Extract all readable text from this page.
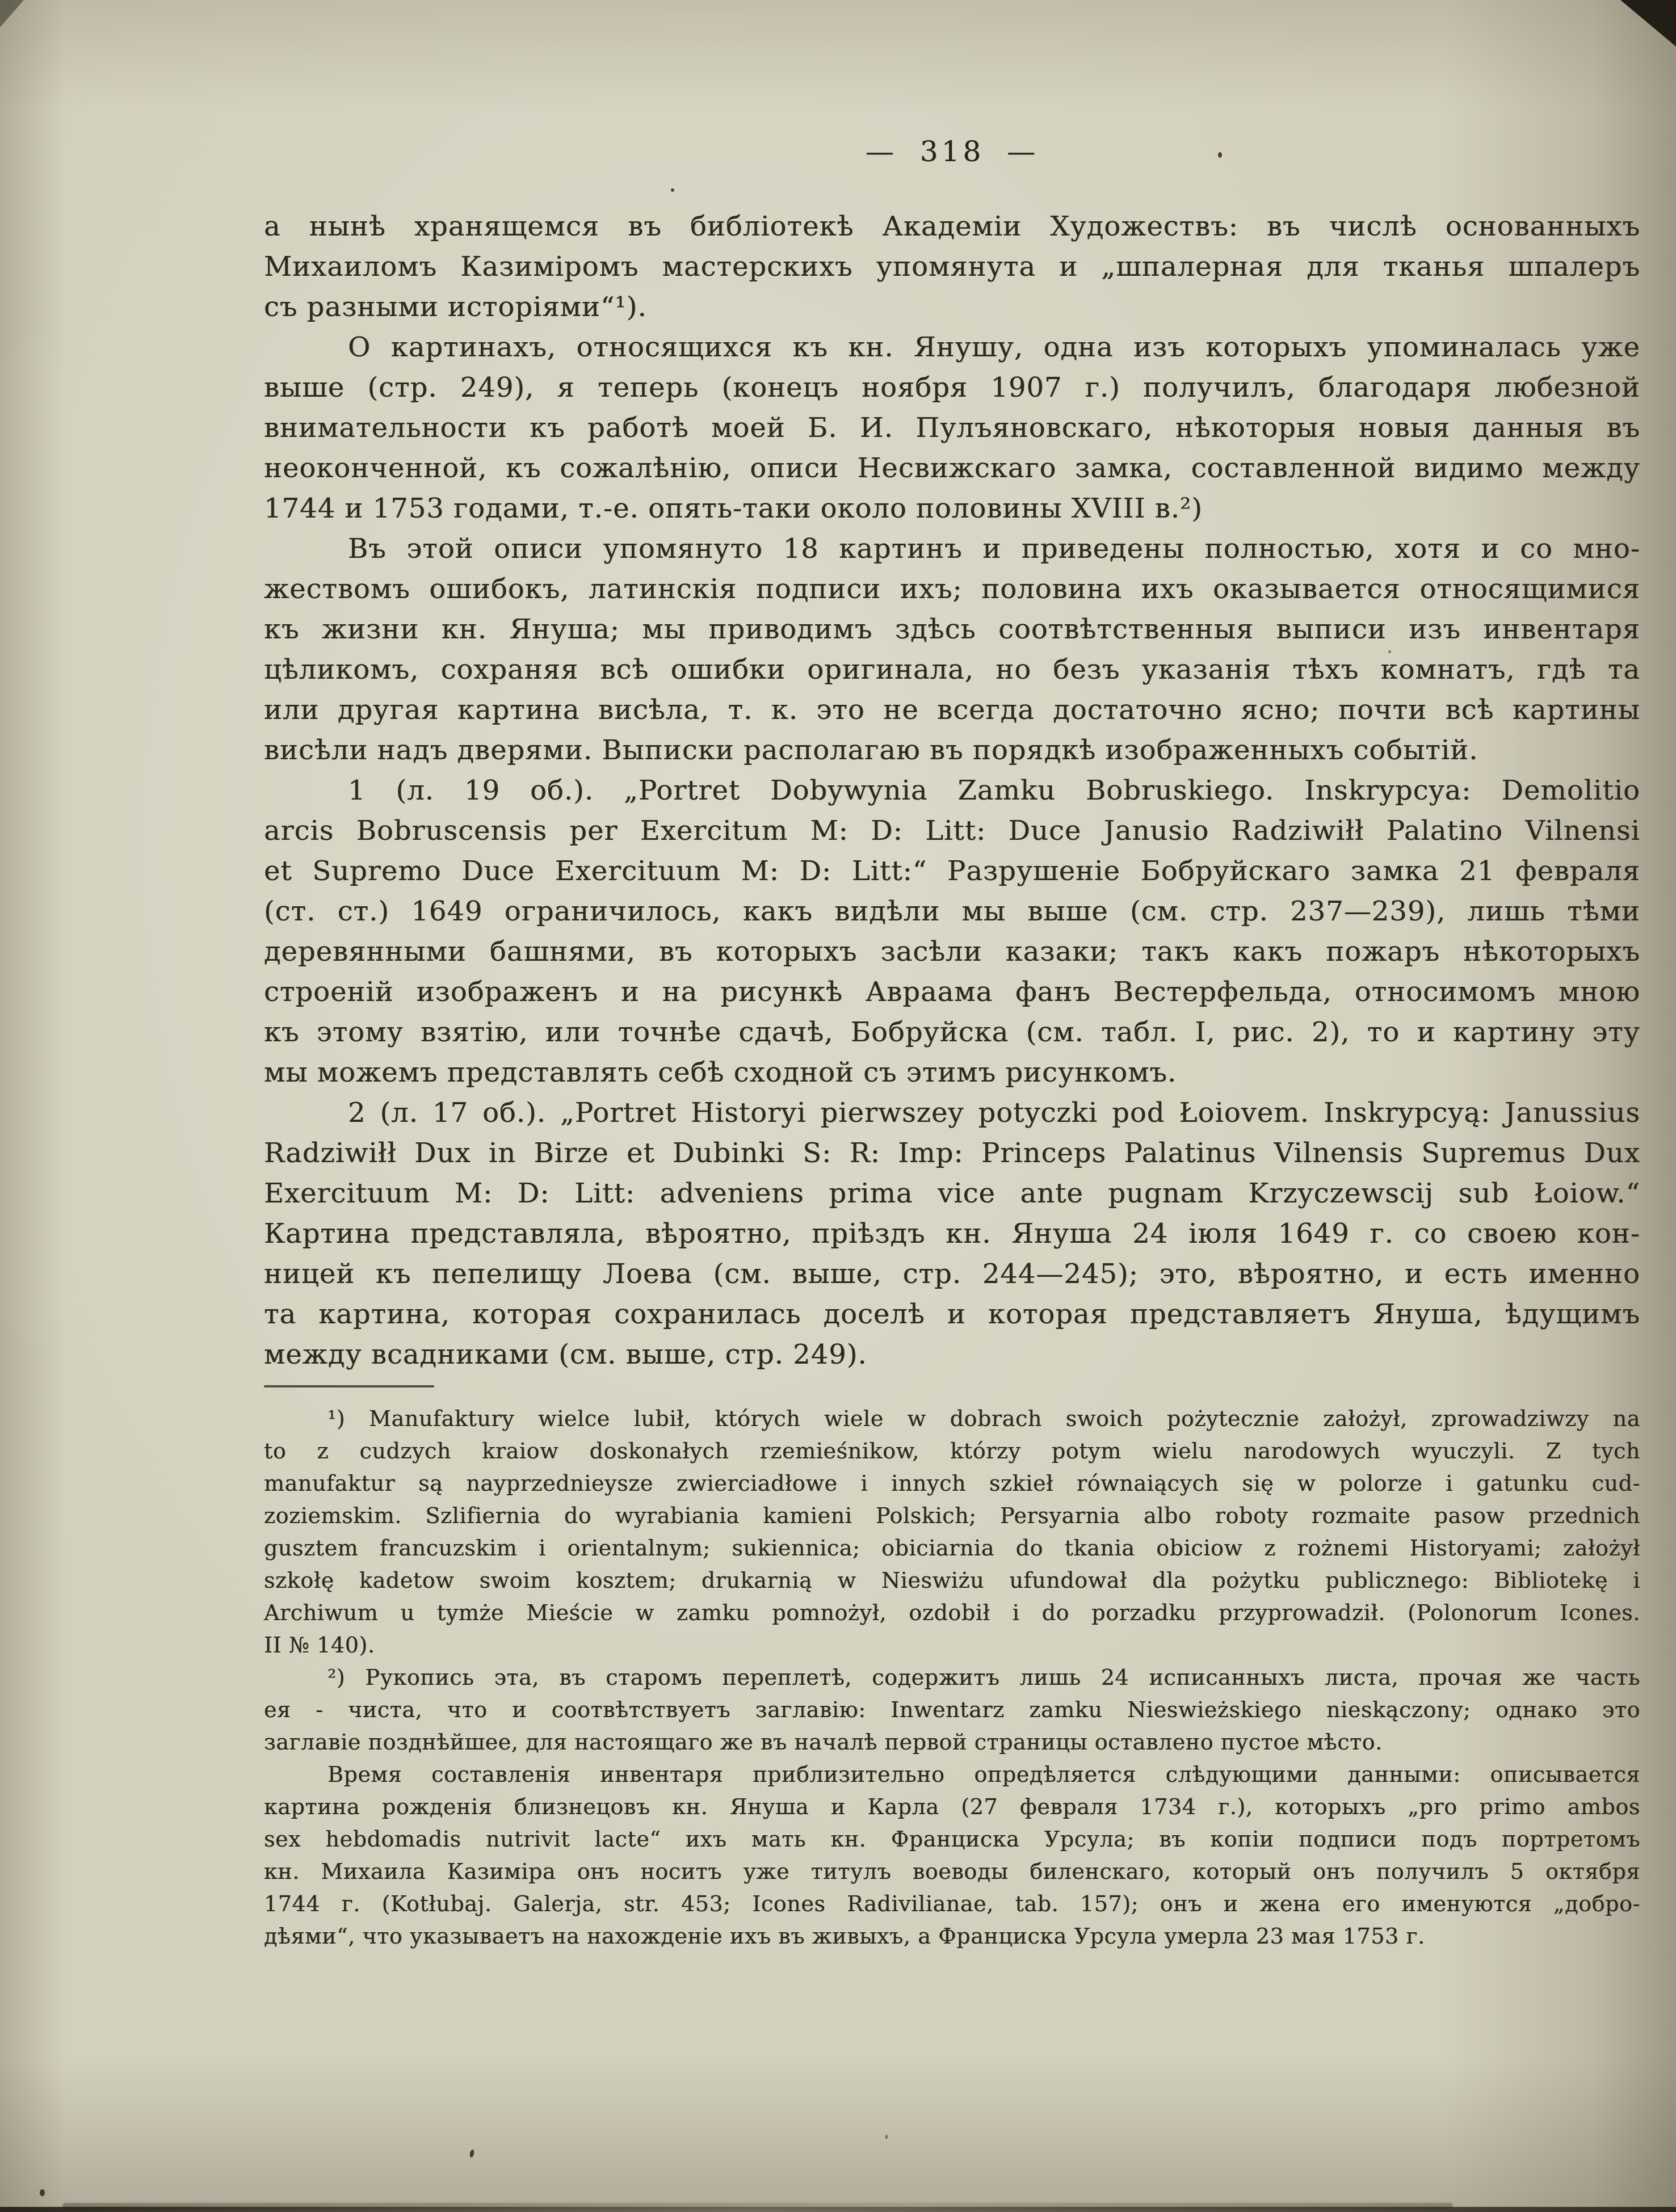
— 318 —
а нынѣ хранящемся въ библіотекѣ Академіи Художествъ: въ числѣ основанныхъ
Михаиломъ Казиміромъ мастерскихъ упомянута и „шпалерная для тканья шпалеръ
съ разными исторіями“¹).
О картинахъ, относящихся къ кн. Янушу, одна изъ которыхъ упоминалась уже
выше (стр. 249), я теперь (конецъ ноября 1907 г.) получилъ, благодаря любезной
внимательности къ работѣ моей Б. И. Пулъяновскаго, нѣкоторыя новыя данныя въ
неоконченной, къ сожалѣнію, описи Несвижскаго замка, составленной видимо между
1744 и 1753 годами, т.-е. опять-таки около половины XVIII в.²)
Въ этой описи упомянуто 18 картинъ и приведены полностью, хотя и со мно-
жествомъ ошибокъ, латинскія подписи ихъ; половина ихъ оказывается относящимися
къ жизни кн. Януша; мы приводимъ здѣсь соотвѣтственныя выписи изъ инвентаря
цѣликомъ, сохраняя всѣ ошибки оригинала, но безъ указанія тѣхъ комнатъ, гдѣ та
или другая картина висѣла, т. к. это не всегда достаточно ясно; почти всѣ картины
висѣли надъ дверями. Выписки располагаю въ порядкѣ изображенныхъ событій.
1 (л. 19 об.). „Portret Dobywynia Zamku Bobruskiego. Inskrypcya: Demolitio
arcis Bobruscensis per Exercitum M: D: Litt: Duce Janusio Radziwiłł Palatino Vilnensi
et Supremo Duce Exercituum M: D: Litt:“ Разрушеніе Бобруйскаго замка 21 февраля
(ст. ст.) 1649 ограничилось, какъ видѣли мы выше (см. стр. 237—239), лишь тѣми
деревянными башнями, въ которыхъ засѣли казаки; такъ какъ пожаръ нѣкоторыхъ
строеній изображенъ и на рисункѣ Авраама фанъ Вестерфельда, относимомъ мною
къ этому взятію, или точнѣе сдачѣ, Бобруйска (см. табл. I, рис. 2), то и картину эту
мы можемъ представлять себѣ сходной съ этимъ рисункомъ.
2 (л. 17 об.). „Portret Historyi pierwszey potyczki pod Łoiovem. Inskrypcyą: Janussius
Radziwiłł Dux in Birze et Dubinki S: R: Imp: Princeps Palatinus Vilnensis Supremus Dux
Exercituum M: D: Litt: adveniens prima vice ante pugnam Krzyczewscij sub Łoiow.“
Картина представляла, вѣроятно, пріѣздъ кн. Януша 24 іюля 1649 г. со своею кон-
ницей къ пепелищу Лоева (см. выше, стр. 244—245); это, вѣроятно, и есть именно
та картина, которая сохранилась доселѣ и которая представляетъ Януша, ѣдущимъ
между всадниками (см. выше, стр. 249).
¹) Manufaktury wielce lubił, których wiele w dobrach swoich pożytecznie założył, zprowadziwzy na
to z cudzych kraiow doskonałych rzemieśnikow, którzy potym wielu narodowych wyuczyli. Z tych
manufaktur są nayprzednieysze zwierciadłowe i innych szkieł równaiących się w polorze i gatunku cud-
zoziemskim. Szlifiernia do wyrabiania kamieni Polskich; Persyarnia albo roboty rozmaite pasow przednich
gusztem francuzskim i orientalnym; sukiennica; obiciarnia do tkania obiciow z rożnemi Historyami; założył
szkołę kadetow swoim kosztem; drukarnią w Nieswiżu ufundował dla pożytku publicznego: Bibliotekę i
Archiwum u tymże Mieście w zamku pomnożył, ozdobił i do porzadku przyprowadził. (Polonorum Icones.
II № 140).
²) Рукопись эта, въ старомъ переплетѣ, содержитъ лишь 24 исписанныхъ листа, прочая же часть
ея - чиста, что и соотвѣтствуетъ заглавію: Inwentarz zamku Nieswieżskiego nieskączony; однако это
заглавіе позднѣйшее, для настоящаго же въ началѣ первой страницы оставлено пустое мѣсто.
Время составленія инвентаря приблизительно опредѣляется слѣдующими данными: описывается
картина рожденія близнецовъ кн. Януша и Карла (27 февраля 1734 г.), которыхъ „pro primo ambos
sex hebdomadis nutrivit lacte“ ихъ мать кн. Франциска Урсула; въ копіи подписи подъ портретомъ
кн. Михаила Казиміра онъ носитъ уже титулъ воеводы биленскаго, который онъ получилъ 5 октября
1744 г. (Kotłubaj. Galerja, str. 453; Icones Radivilianae, tab. 157); онъ и жена его именуются „добро-
дѣями“, что указываетъ на нахожденіе ихъ въ живыхъ, а Франциска Урсула умерла 23 мая 1753 г.
